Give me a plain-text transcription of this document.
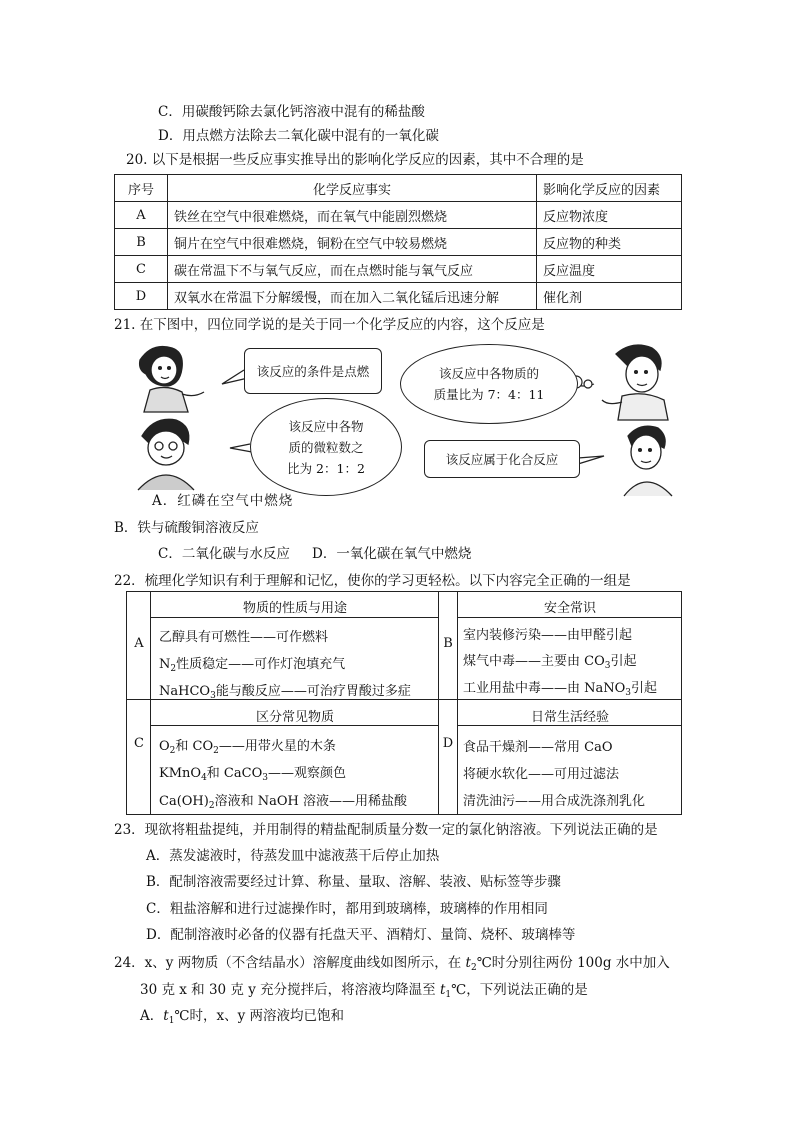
C．用碳酸钙除去氯化钙溶液中混有的稀盐酸
D．用点燃方法除去二氧化碳中混有的一氧化碳
20. 以下是根据一些反应事实推导出的影响化学反应的因素，其中不合理的是
序号	化学反应事实	影响化学反应的因素
A	铁丝在空气中很难燃烧，而在氧气中能剧烈燃烧	反应物浓度
B	铜片在空气中很难燃烧，铜粉在空气中较易燃烧	反应物的种类
C	碳在常温下不与氧气反应，而在点燃时能与氧气反应	反应温度
D	双氧水在常温下分解缓慢，而在加入二氧化锰后迅速分解	催化剂
21. 在下图中，四位同学说的是关于同一个化学反应的内容，这个反应是
该反应的条件是点燃	该反应中各物质的
质量比为 7：4：11
该反应中各物
质的微粒数之
比为 2：1：2
该反应属于化合反应
A．红磷在空气中燃烧
B．铁与硫酸铜溶液反应
C．二氧化碳与水反应 D．一氧化碳在氧气中燃烧
22．梳理化学知识有利于理解和记忆，使你的学习更轻松。以下内容完全正确的一组是
A
物质的性质与用途
乙醇具有可燃性——可作燃料
$N_2$性质稳定——可作灯泡填充气
NaHCO$_3$能与酸反应——可治疗胃酸过多症
B
安全常识
室内装修污染——由甲醛引起
煤气中毒——主要由 $CO_3$引起
工业用盐中毒——由 NaNO$_3$引起
C
区分常见物质
$O_2$和 $CO_2——$用带火星的木条
KMnO$_4$和 CaCO$_3$——观察颜色
$Ca(OH)_2$溶液和 NaOH 溶液——用稀盐酸
D
日常生活经验
食品干燥剂——常用 CaO
将硬水软化——可用过滤法
清洗油污——用合成洗涤剂乳化
23．现欲将粗盐提纯，并用制得的精盐配制质量分数一定的氯化钠溶液。下列说法正确的是
A．蒸发滤液时，待蒸发皿中滤液蒸干后停止加热
B．配制溶液需要经过计算、称量、量取、溶解、装液、贴标签等步骤
C．粗盐溶解和进行过滤操作时，都用到玻璃棒，玻璃棒的作用相同
D．配制溶液时必备的仪器有托盘天平、酒精灯、量筒、烧杯、玻璃棒等
24．x、y 两物质（不含结晶水）溶解度曲线如图所示，在 $t_2℃$时分别往两份 100g 水中加入
30 克 x 和 30 克 y 充分搅拌后，将溶液均降温至 $t_1℃$，下列说法正确的是
A．$t_1℃$时，x、y 两溶液均已饱和
